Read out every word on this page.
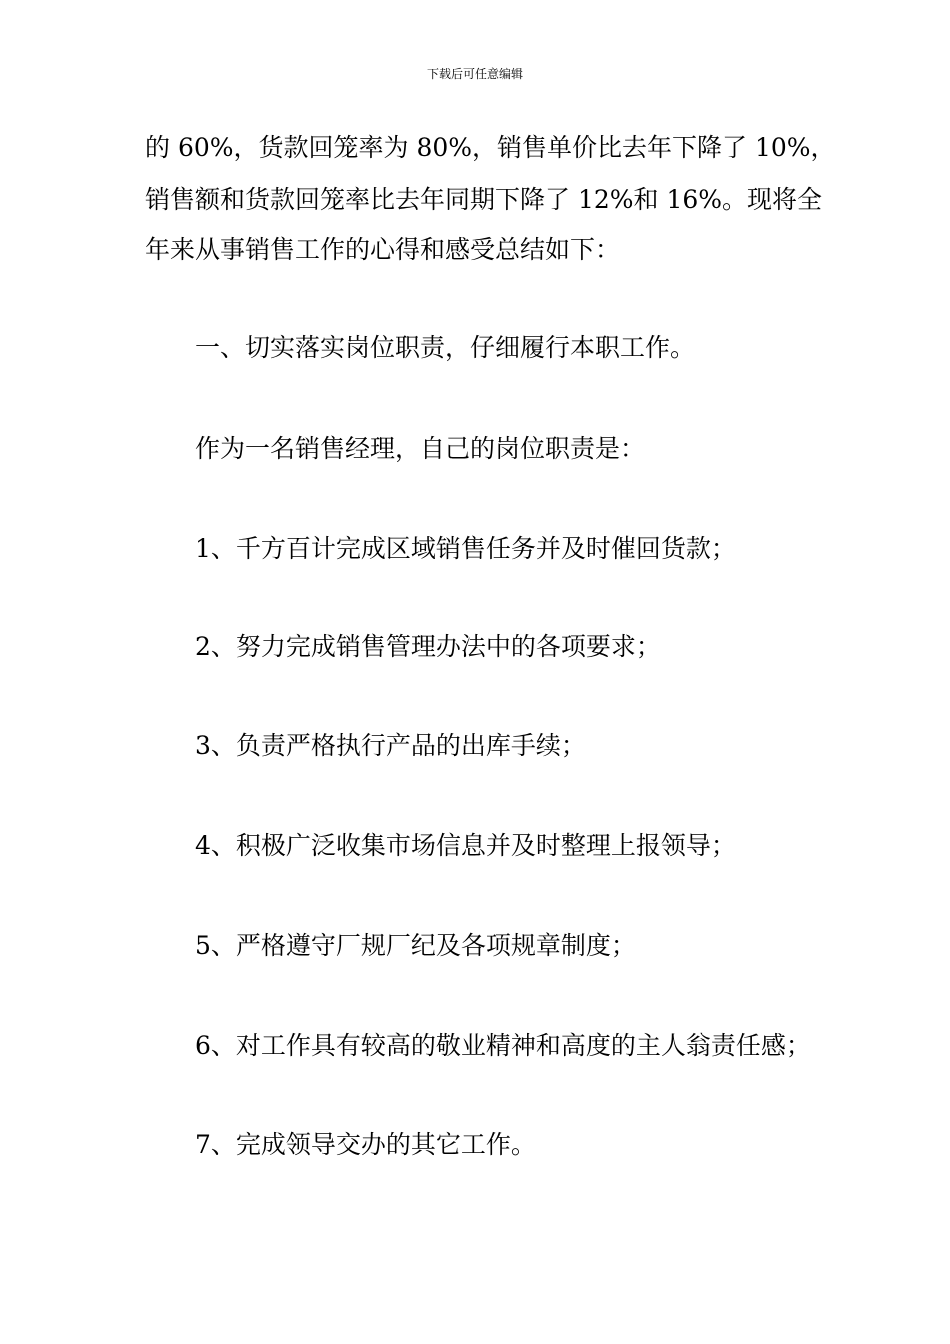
下载后可任意编辑
的 60%，货款回笼率为 80%，销售单价比去年下降了 10%，
销售额和货款回笼率比去年同期下降了 12%和 16%。现将全
年来从事销售工作的心得和感受总结如下：
一、切实落实岗位职责，仔细履行本职工作。
作为一名销售经理，自己的岗位职责是：
1、千方百计完成区域销售任务并及时催回货款；
2、努力完成销售管理办法中的各项要求；
3、负责严格执行产品的出库手续；
4、积极广泛收集市场信息并及时整理上报领导；
5、严格遵守厂规厂纪及各项规章制度；
6、对工作具有较高的敬业精神和高度的主人翁责任感；
7、完成领导交办的其它工作。
